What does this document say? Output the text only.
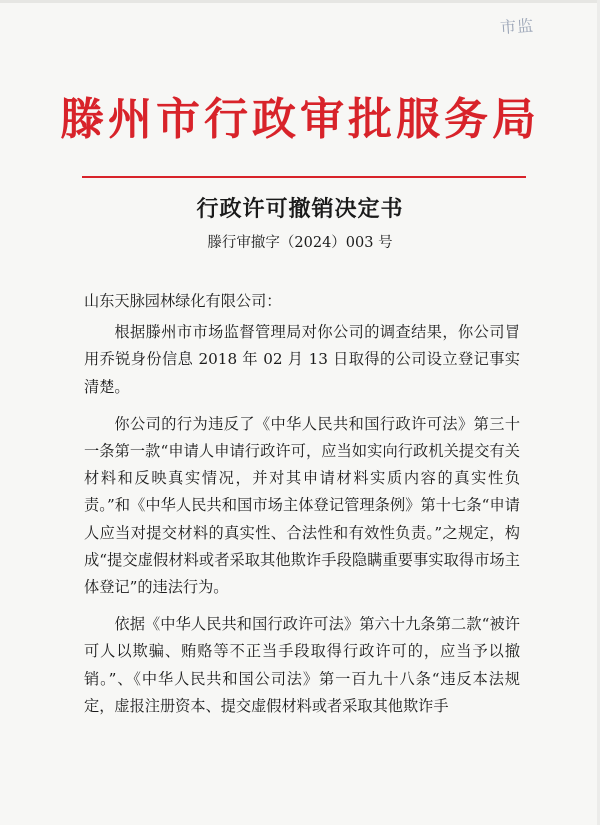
市监
滕州市行政审批服务局
行政许可撤销决定书
滕行审撤字（2024）003 号

山东天脉园林绿化有限公司：

根据滕州市市场监督管理局对你公司的调查结果，你公司冒用乔锐身份信息 2018 年 02 月 13 日取得的公司设立登记事实清楚。

你公司的行为违反了《中华人民共和国行政许可法》第三十一条第一款“申请人申请行政许可，应当如实向行政机关提交有关材料和反映真实情况，并对其申请材料实质内容的真实性负责。”和《中华人民共和国市场主体登记管理条例》第十七条“申请人应当对提交材料的真实性、合法性和有效性负责。”之规定，构成“提交虚假材料或者采取其他欺诈手段隐瞒重要事实取得市场主体登记”的违法行为。

依据《中华人民共和国行政许可法》第六十九条第二款“被许可人以欺骗、贿赂等不正当手段取得行政许可的，应当予以撤销。”、《中华人民共和国公司法》第一百九十八条“违反本法规定，虚报注册资本、提交虚假材料或者采取其他欺诈手
